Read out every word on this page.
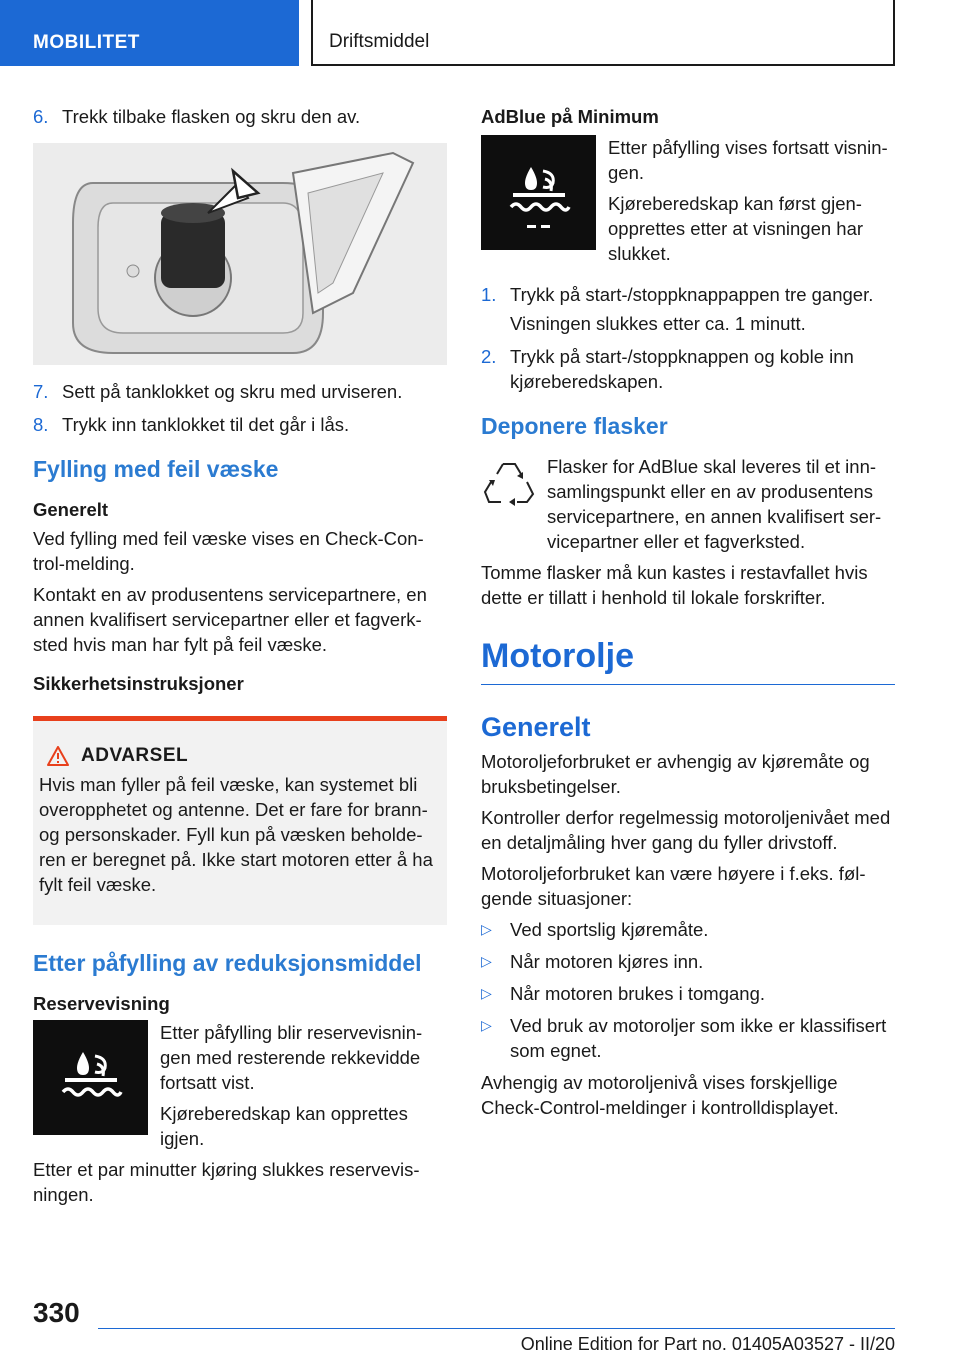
MOBILITET	Driftsmiddel
6. Trekk tilbake flasken og skru den av.
7. Sett på tanklokket og skru med urviseren.
8. Trykk inn tanklokket til det går i lås.
Fylling med feil væske
Generelt

Ved fylling med feil væske vises en Check-Con-trol-melding.

Kontakt en av produsentens servicepartnere, en annen kvalifisert servicepartner eller et fagverk-sted hvis man har fylt på feil væske.

Sikkerhetsinstruksjoner
ADVARSEL

Hvis man fyller på feil væske, kan systemet bli overopphetet og antenne. Det er fare for brann- og personskader. Fyll kun på væsken beholde-ren er beregnet på. Ikke start motoren etter å ha fylt feil væske.

Etter påfylling av reduksjonsmiddel
Reservevisning

Etter påfylling blir reservevisnin-gen med resterende rekkevidde fortsatt vist.

Kjøreberedskap kan opprettes igjen.

Etter et par minutter kjøring slukkes reservevis-ningen.

AdBlue på Minimum

Etter påfylling vises fortsatt visnin-gen.

Kjøreberedskap kan først gjen-opprettes etter at visningen har slukket.

1. Trykk på start-/stoppknappappen tre ganger.

Visningen slukkes etter ca. 1 minutt.

2. Trykk på start-/stoppknappen og koble inn kjøreberedskapen.
Deponere flasker

Flasker for AdBlue skal leveres til et inn-samlingspunkt eller en av produsentens servicepartnere, en annen kvalifisert ser-vicepartner eller et fagverksted.

Tomme flasker må kun kastes i restavfallet hvis dette er tillatt i henhold til lokale forskrifter.

Motorolje
Generelt

Motoroljeforbruket er avhengig av kjøremåte og bruksbetingelser.

Kontroller derfor regelmessig motoroljenivået med en detaljmåling hver gang du fyller drivstoff.

Motoroljeforbruket kan være høyere i f.eks. føl-gende situasjoner:

▷ Ved sportslig kjøremåte.
▷ Når motoren kjøres inn.
▷ Når motoren brukes i tomgang.
▷ Ved bruk av motoroljer som ikke er klassifisert som egnet.

Avhengig av motoroljenivå vises forskjellige Check-Control-meldinger i kontrolldisplayet.

330
Online Edition for Part no. 01405A03527 - II/20
